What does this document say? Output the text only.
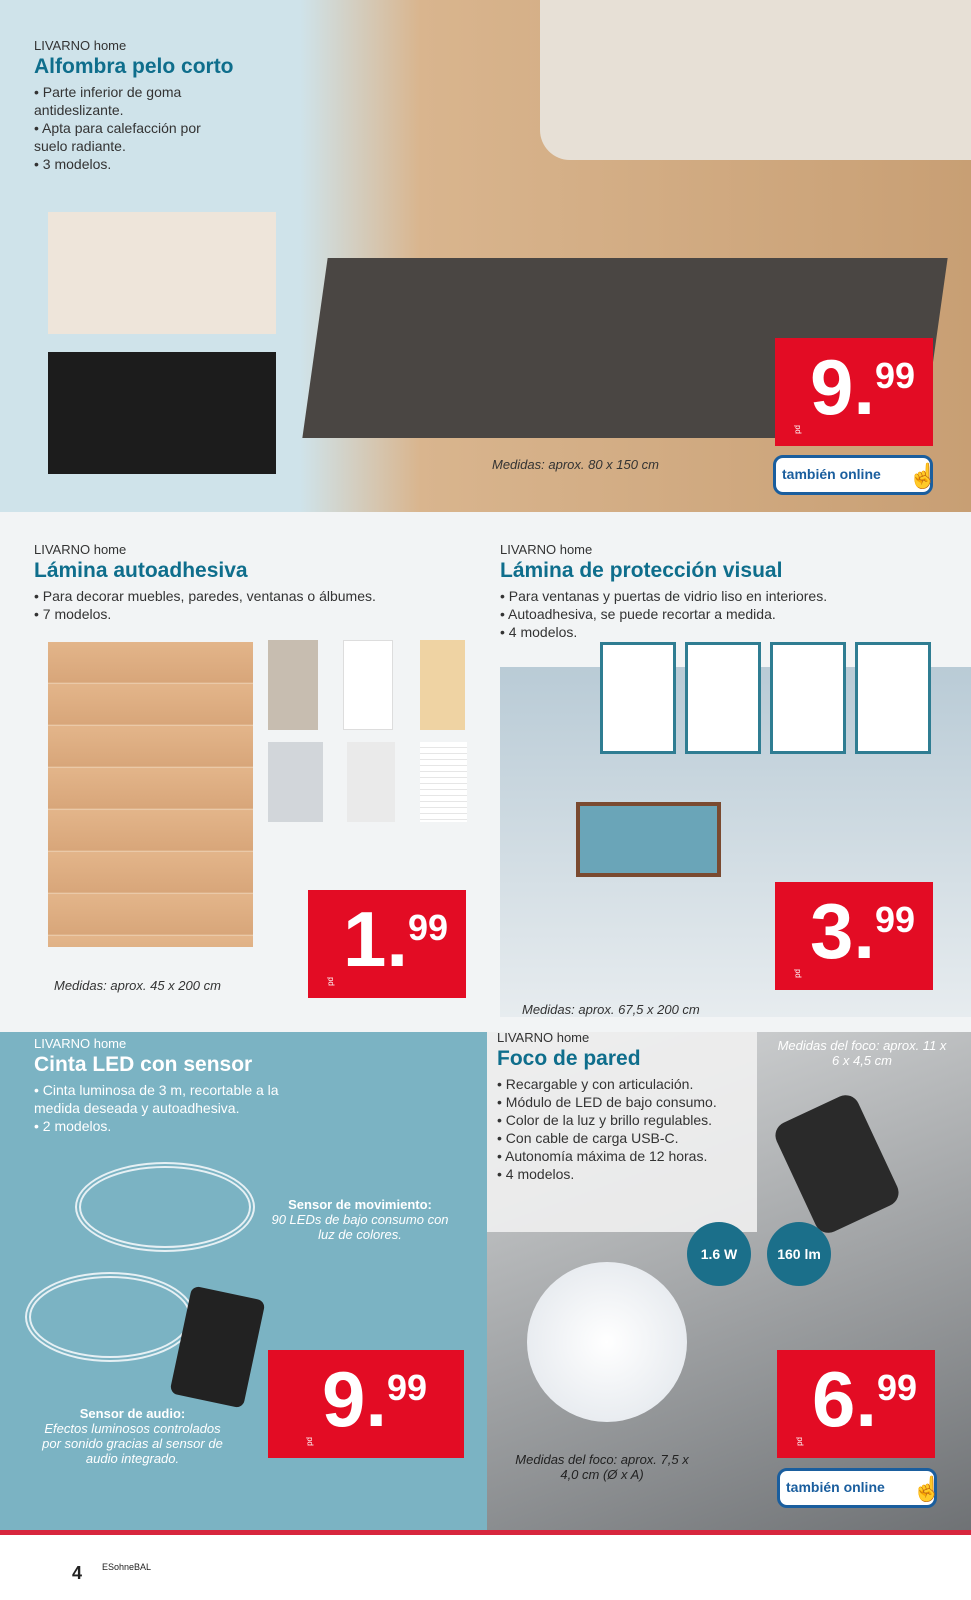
LIVARNO home
Alfombra pelo corto
• Parte inferior de goma antideslizante.
• Apta para calefacción por suelo radiante.
• 3 modelos.
Medidas: aprox. 80 x 150 cm
pd 9 . 99
también online ☝
LIVARNO home
Lámina autoadhesiva
• Para decorar muebles, paredes, ventanas o álbumes.
• 7 modelos.
Medidas: aprox. 45 x 200 cm	pd 1 . 99
LIVARNO home
Lámina de protección visual
• Para ventanas y puertas de vidrio liso en interiores.
• Autoadhesiva, se puede recortar a medida.
• 4 modelos.
Medidas: aprox. 67,5 x 200 cm
pd 3 . 99
LIVARNO home
Cinta LED con sensor
• Cinta luminosa de 3 m, recortable a la medida deseada y autoadhesiva.
• 2 modelos.
Sensor de movimiento:
90 LEDs de bajo consumo con luz de colores.
Sensor de audio:
Efectos luminosos controlados por sonido gracias al sensor de audio integrado.
pd 9 . 99
LIVARNO home
Foco de pared
• Recargable y con articulación.
• Módulo de LED de bajo consumo.
• Color de la luz y brillo regulables.
• Con cable de carga USB-C.
• Autonomía máxima de 12 horas.
• 4 modelos.
Medidas del foco: aprox. 11 x 6 x 4,5 cm
1.6 W	160 lm
Medidas del foco: aprox. 7,5 x 4,0 cm (Ø x A)
pd 6 . 99
también online ☝
4 ESohneBAL
